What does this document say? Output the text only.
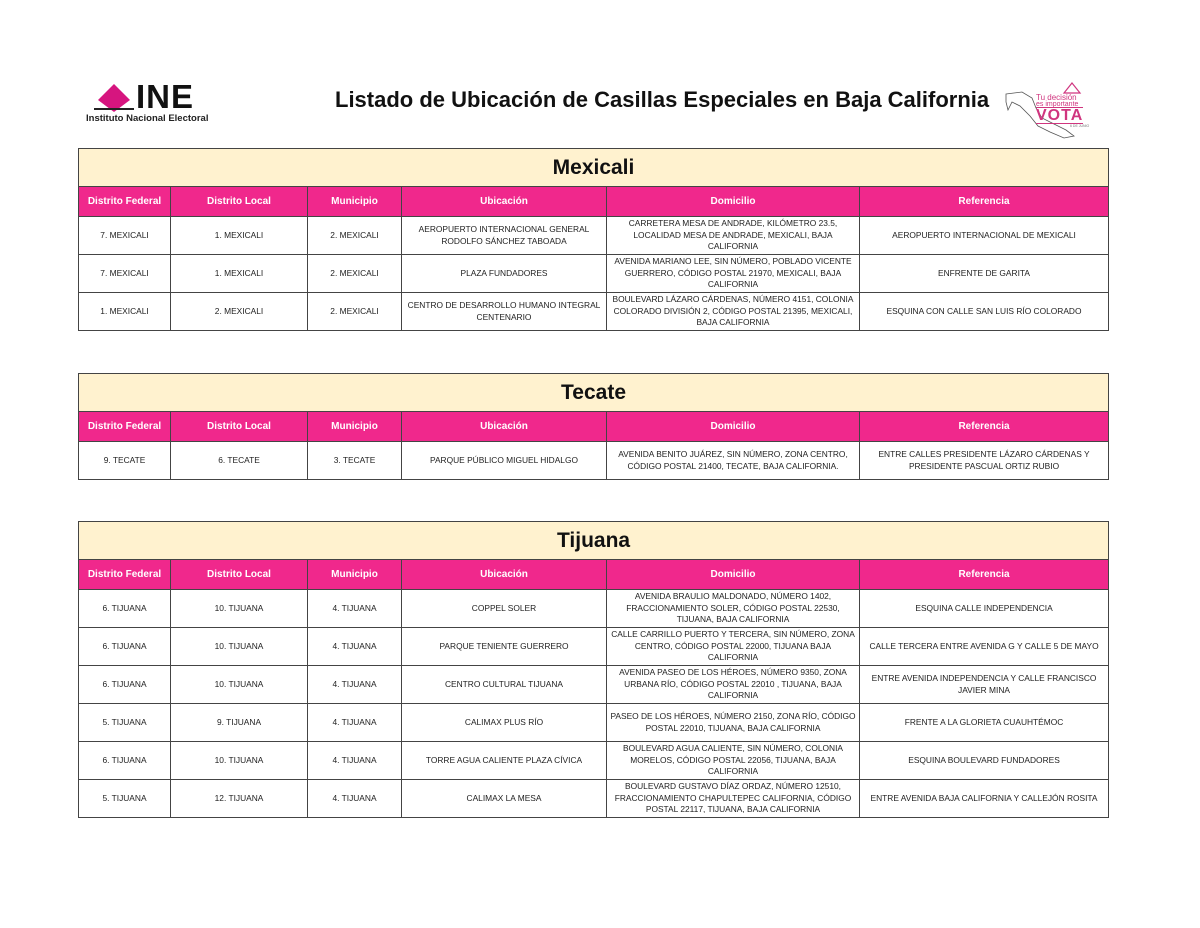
INE
Instituto Nacional Electoral
Listado de Ubicación de Casillas Especiales en Baja California	Tu decisión
es importante
VOTA
6 DE JUNIO
Mexicali					
Distrito Federal	Distrito Local	Municipio	Ubicación	Domicilio	Referencia
7. MEXICALI	1. MEXICALI	2. MEXICALI	AEROPUERTO INTERNACIONAL GENERAL RODOLFO SÁNCHEZ TABOADA	CARRETERA MESA DE ANDRADE, KILÓMETRO 23.5, LOCALIDAD MESA DE ANDRADE, MEXICALI, BAJA CALIFORNIA	AEROPUERTO INTERNACIONAL DE MEXICALI
7. MEXICALI	1. MEXICALI	2. MEXICALI	PLAZA FUNDADORES	AVENIDA MARIANO LEE, SIN NÚMERO, POBLADO VICENTE GUERRERO, CÓDIGO POSTAL 21970, MEXICALI, BAJA CALIFORNIA	ENFRENTE DE GARITA
1. MEXICALI	2. MEXICALI	2. MEXICALI	CENTRO DE DESARROLLO HUMANO INTEGRAL CENTENARIO	BOULEVARD LÁZARO CÁRDENAS, NÚMERO 4151, COLONIA COLORADO DIVISIÓN 2, CÓDIGO POSTAL 21395, MEXICALI, BAJA CALIFORNIA	ESQUINA CON CALLE SAN LUIS RÍO COLORADO
Tecate					
Distrito Federal	Distrito Local	Municipio	Ubicación	Domicilio	Referencia
9. TECATE	6. TECATE	3. TECATE	PARQUE PÚBLICO MIGUEL HIDALGO	AVENIDA BENITO JUÁREZ, SIN NÚMERO, ZONA CENTRO, CÓDIGO POSTAL 21400, TECATE, BAJA CALIFORNIA.	ENTRE CALLES PRESIDENTE LÁZARO CÁRDENAS Y PRESIDENTE PASCUAL ORTIZ RUBIO
Tijuana					
Distrito Federal	Distrito Local	Municipio	Ubicación	Domicilio	Referencia
6. TIJUANA	10. TIJUANA	4. TIJUANA	COPPEL SOLER	AVENIDA BRAULIO MALDONADO, NÚMERO 1402, FRACCIONAMIENTO SOLER, CÓDIGO POSTAL 22530, TIJUANA, BAJA CALIFORNIA	ESQUINA CALLE INDEPENDENCIA
6. TIJUANA	10. TIJUANA	4. TIJUANA	PARQUE TENIENTE GUERRERO	CALLE CARRILLO PUERTO Y TERCERA, SIN NÚMERO, ZONA CENTRO, CÓDIGO POSTAL 22000, TIJUANA BAJA CALIFORNIA	CALLE TERCERA ENTRE AVENIDA G Y CALLE 5 DE MAYO
6. TIJUANA	10. TIJUANA	4. TIJUANA	CENTRO CULTURAL TIJUANA	AVENIDA PASEO DE LOS HÉROES, NÚMERO 9350, ZONA URBANA RÍO, CÓDIGO POSTAL 22010 , TIJUANA, BAJA CALIFORNIA	ENTRE AVENIDA INDEPENDENCIA Y CALLE FRANCISCO JAVIER MINA
5. TIJUANA	9. TIJUANA	4. TIJUANA	CALIMAX PLUS RÍO	PASEO DE LOS HÉROES, NÚMERO 2150, ZONA RÍO, CÓDIGO POSTAL 22010, TIJUANA, BAJA CALIFORNIA	FRENTE A LA GLORIETA CUAUHTÉMOC
6. TIJUANA	10. TIJUANA	4. TIJUANA	TORRE AGUA CALIENTE PLAZA CÍVICA	BOULEVARD AGUA CALIENTE, SIN NÚMERO, COLONIA MORELOS, CÓDIGO POSTAL 22056, TIJUANA, BAJA CALIFORNIA	ESQUINA BOULEVARD FUNDADORES
5. TIJUANA	12. TIJUANA	4. TIJUANA	CALIMAX LA MESA	BOULEVARD GUSTAVO DÍAZ ORDAZ, NÚMERO 12510, FRACCIONAMIENTO CHAPULTEPEC CALIFORNIA, CÓDIGO POSTAL 22117, TIJUANA, BAJA CALIFORNIA	ENTRE AVENIDA BAJA CALIFORNIA Y CALLEJÓN ROSITA
